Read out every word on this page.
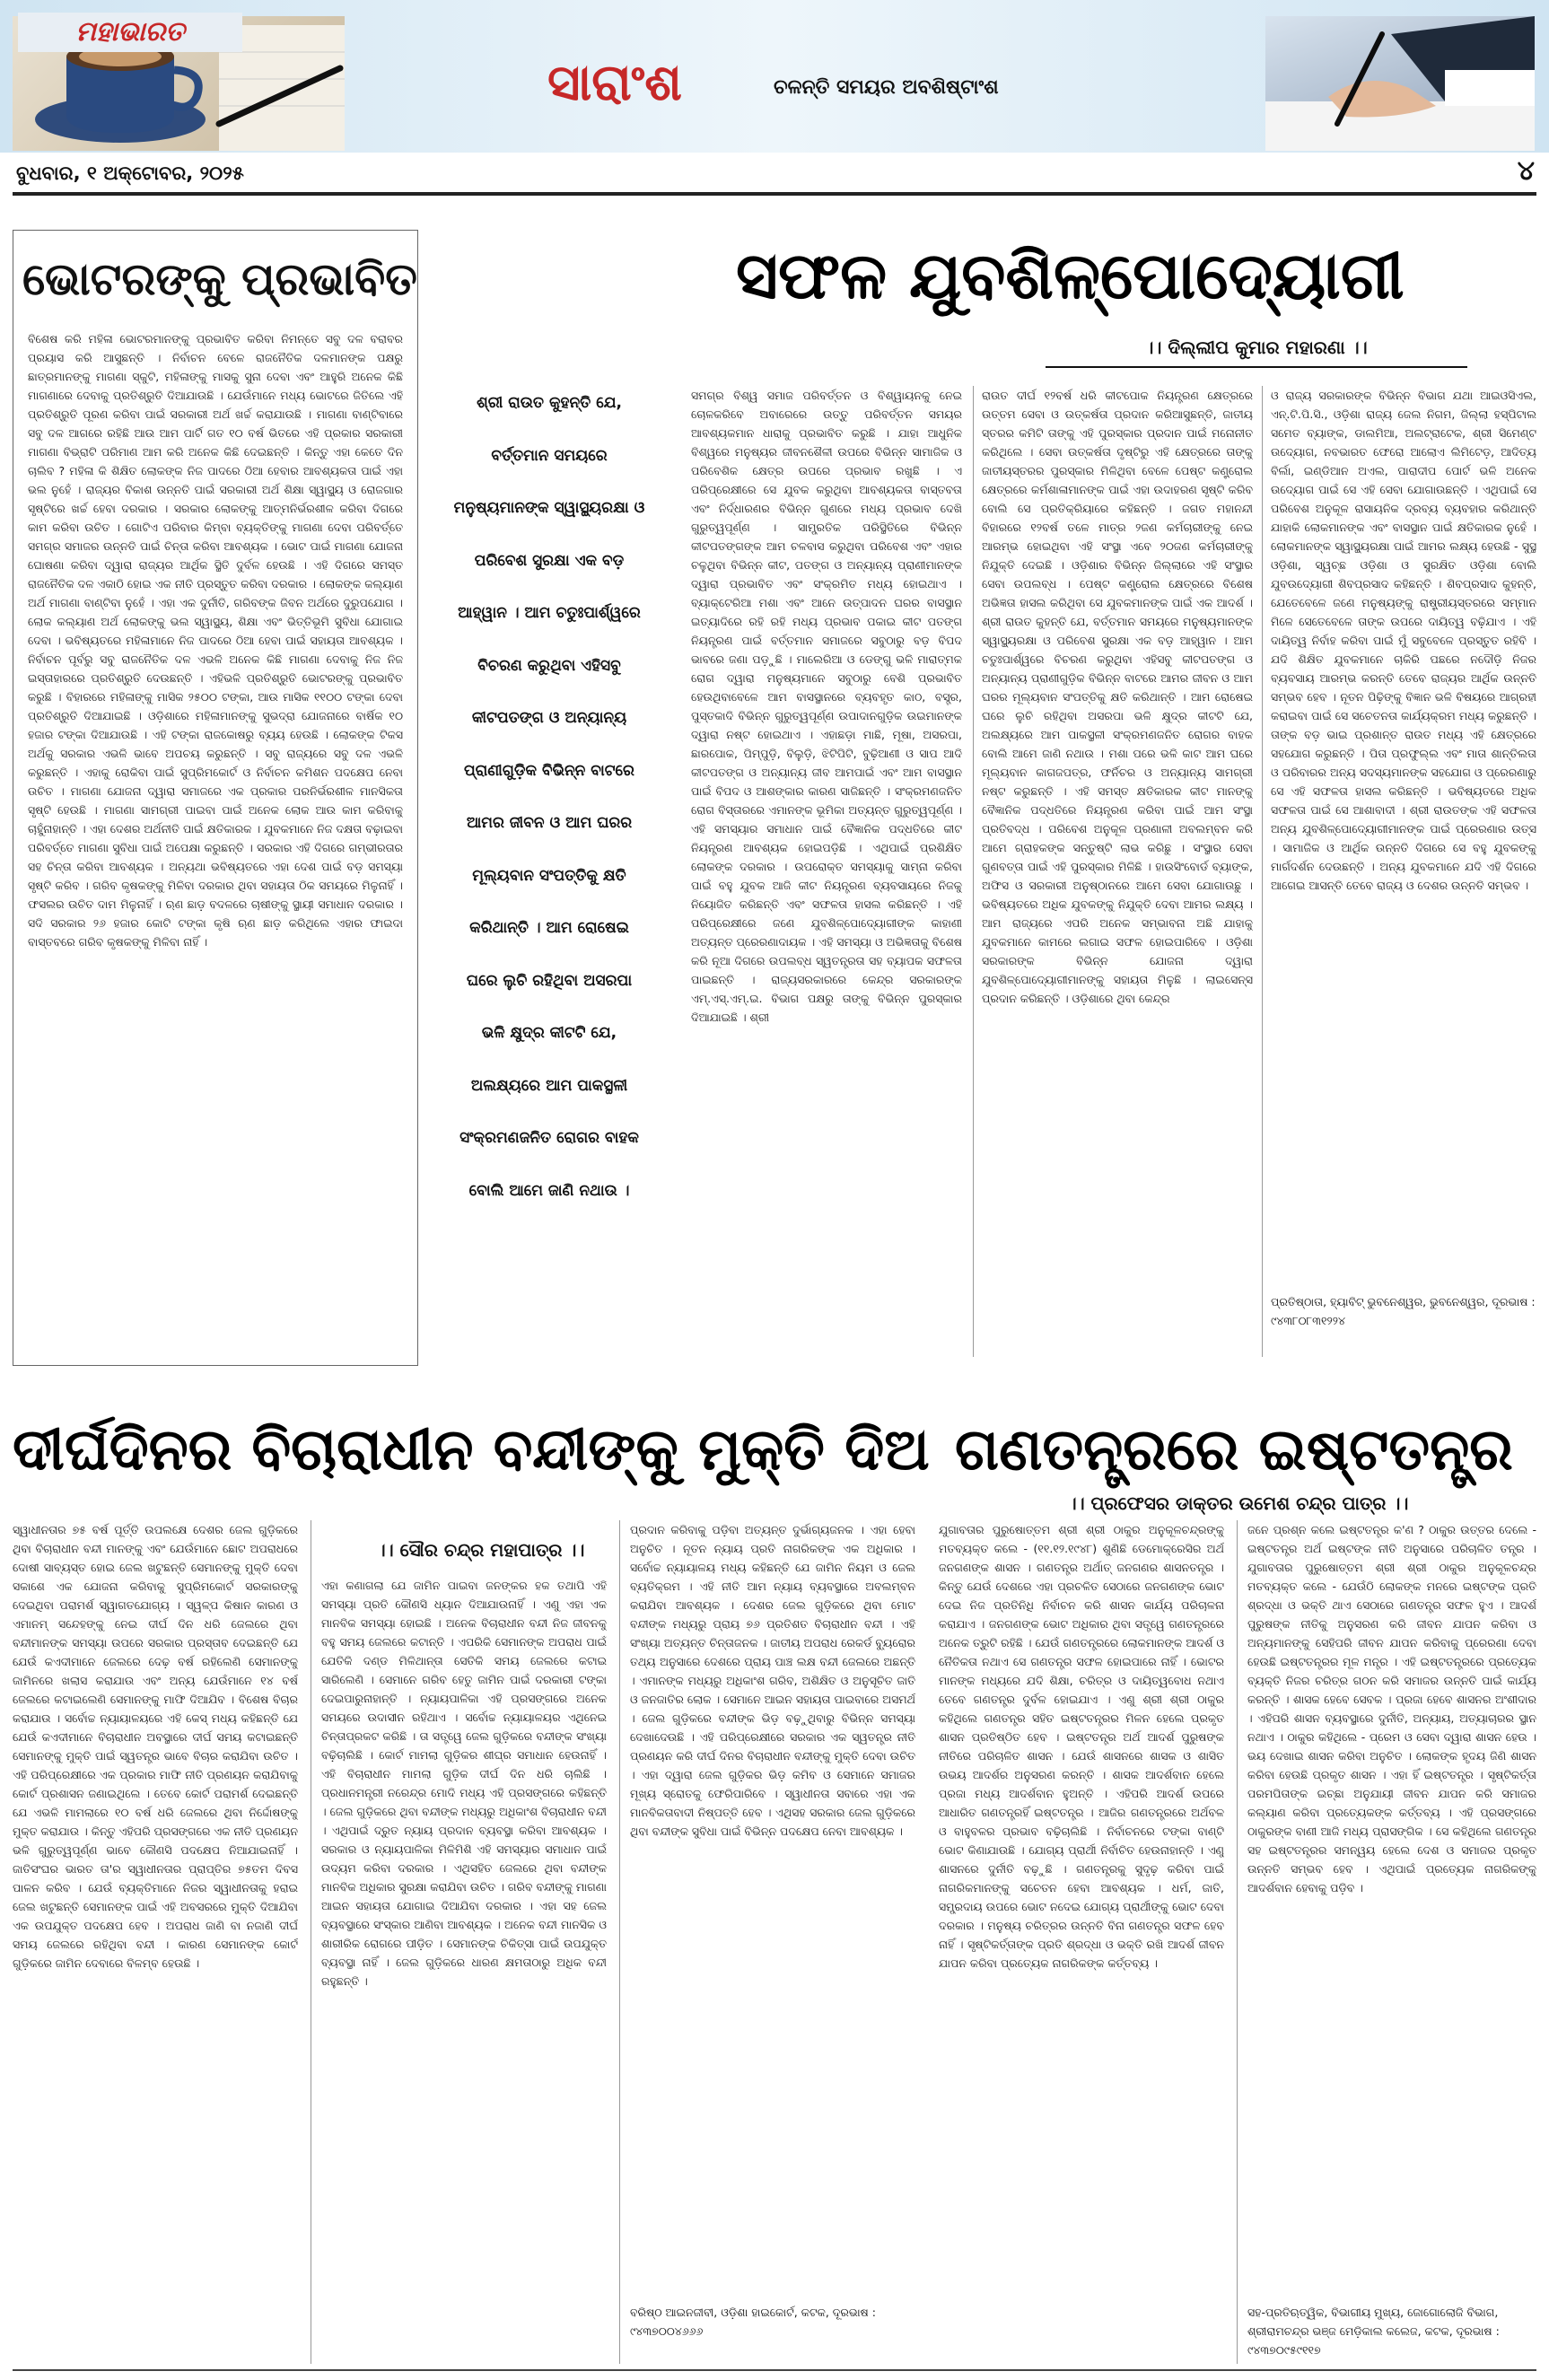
ମହାଭାରତ
ସାରାଂଶ	ଚଳନ୍ତି ସମୟର ଅବଶିଷ୍ଟାଂଶ
ବୁଧବାର, ୧ ଅକ୍ଟୋବର, ୨୦୨୫	୪
ଭୋଟରଙ୍କୁ ପ୍ରଭାବିତ
ବିଶେଷ କରି ମହିଳା ଭୋଟରମାନଙ୍କୁ ପ୍ରଭାବିତ କରିବା ନିମନ୍ତେ ସବୁ ଦଳ ବରାବର ପ୍ରୟାସ କରି ଆସୁଛନ୍ତି । ନିର୍ବାଚନ ବେଳେ ରାଜନୈତିକ ଦଳମାନଙ୍କ ପକ୍ଷରୁ ଛାତ୍ରମାନଙ୍କୁ ମାଗଣା ସ୍କୁଟି, ମହିଳାଙ୍କୁ ମାସକୁ ସୁନା ଦେବା ଏବଂ ଆହୁରି ଅନେକ କିଛି ମାଗଣାରେ ଦେବାକୁ ପ୍ରତିଶ୍ରୁତି ଦିଆଯାଉଛି । ଯେଉଁମାନେ ମଧ୍ୟ ଭୋଟରେ ଜିତିଲେ ଏହି ପ୍ରତିଶ୍ରୁତି ପୂରଣ କରିବା ପାଇଁ ସରକାରୀ ଅର୍ଥ ଖର୍ଚ୍ଚ କରାଯାଉଛି । ମାଗଣା ବାଣ୍ଟିବାରେ ସବୁ ଦଳ ଆଗରେ ରହିଛି ଆଉ ଆମ ପାର୍ଟି ଗତ ୧୦ ବର୍ଷ ଭିତରେ ଏହି ପ୍ରକାର ସରକାରୀ ମାଗଣା ବିଭ୍ରାଟି ପରିମାଣ ଆମ କରି ଅନେକ କିଛି ଦେଇଛନ୍ତି । କିନ୍ତୁ ଏହା କେତେ ଦିନ ଚାଲିବ ? ମହିଳା କି ଶିକ୍ଷିତ ଲୋକଙ୍କ ନିଜ ପାଦରେ ଠିଆ ହେବାର ଆବଶ୍ୟକତା ପାଇଁ ଏହା ଭଲ ନୁହେଁ । ରାଜ୍ୟର ବିକାଶ ଉନ୍ନତି ପାଇଁ ସରକାରୀ ଅର୍ଥ ଶିକ୍ଷା ସ୍ୱାସ୍ଥ୍ୟ ଓ ରୋଜଗାର ସୃଷ୍ଟିରେ ଖର୍ଚ୍ଚ ହେବା ଦରକାର । ସରକାର ଲୋକଙ୍କୁ ଆତ୍ମନିର୍ଭରଶୀଳ କରିବା ଦିଗରେ କାମ କରିବା ଉଚିତ । ଗୋଟିଏ ପରିବାର କିମ୍ବା ବ୍ୟକ୍ତିଙ୍କୁ ମାଗଣା ଦେବା ପରିବର୍ତ୍ତେ ସମଗ୍ର ସମାଜର ଉନ୍ନତି ପାଇଁ ଚିନ୍ତା କରିବା ଆବଶ୍ୟକ । ଭୋଟ ପାଇଁ ମାଗଣା ଯୋଜନା ଘୋଷଣା କରିବା ଦ୍ୱାରା ରାଜ୍ୟର ଆର୍ଥିକ ସ୍ଥିତି ଦୁର୍ବଳ ହେଉଛି । ଏହି ଦିଗରେ ସମସ୍ତ ରାଜନୈତିକ ଦଳ ଏକାଠି ହୋଇ ଏକ ନୀତି ପ୍ରସ୍ତୁତ କରିବା ଦରକାର । ଲୋକଙ୍କ କଲ୍ୟାଣ ଅର୍ଥ ମାଗଣା ବାଣ୍ଟିବା ନୁହେଁ । ଏହା ଏକ ଦୁର୍ନୀତି, ଗରିବଙ୍କ ଜିବନ ଅର୍ଥରେ ଦୁରୁପଯୋଗ । ଲୋକ କଲ୍ୟାଣ ଅର୍ଥ ଲୋକଙ୍କୁ ଭଲ ସ୍ୱାସ୍ଥ୍ୟ, ଶିକ୍ଷା ଏବଂ ଭିତ୍ତିଭୂମି ସୁବିଧା ଯୋଗାଇ ଦେବା । ଭବିଷ୍ୟତରେ ମହିଳାମାନେ ନିଜ ପାଦରେ ଠିଆ ହେବା ପାଇଁ ସହାୟତା ଆବଶ୍ୟକ । ନିର୍ବାଚନ ପୂର୍ବରୁ ସବୁ ରାଜନୈତିକ ଦଳ ଏଭଳି ଅନେକ କିଛି ମାଗଣା ଦେବାକୁ ନିଜ ନିଜ ଇସ୍ତାହାରରେ ପ୍ରତିଶ୍ରୁତି ଦେଉଛନ୍ତି । ଏହିଭଳି ପ୍ରତିଶ୍ରୁତି ଭୋଟରଙ୍କୁ ପ୍ରଭାବିତ କରୁଛି । ବିହାରରେ ମହିଳାଙ୍କୁ ମାସିକ ୨୫୦୦ ଟଙ୍କା, ଆଉ ମାସିକ ୧୧୦୦ ଟଙ୍କା ଦେବା ପ୍ରତିଶ୍ରୁତି ଦିଆଯାଇଛି । ଓଡ଼ିଶାରେ ମହିଳାମାନଙ୍କୁ ସୁଭଦ୍ରା ଯୋଜନାରେ ବାର୍ଷିକ ୧୦ ହଜାର ଟଙ୍କା ଦିଆଯାଉଛି । ଏହି ଟଙ୍କା ରାଜକୋଷରୁ ବ୍ୟୟ ହେଉଛି । ଲୋକଙ୍କ ଟିକସ ଅର୍ଥକୁ ସରକାର ଏଭଳି ଭାବେ ଅପଚୟ କରୁଛନ୍ତି । ସବୁ ରାଜ୍ୟରେ ସବୁ ଦଳ ଏଭଳି କରୁଛନ୍ତି । ଏହାକୁ ରୋକିବା ପାଇଁ ସୁପ୍ରିମକୋର୍ଟ ଓ ନିର୍ବାଚନ କମିଶନ ପଦକ୍ଷେପ ନେବା ଉଚିତ । ମାଗଣା ଯୋଜନା ଦ୍ୱାରା ସମାଜରେ ଏକ ପ୍ରକାର ପରନିର୍ଭରଶୀଳ ମାନସିକତା ସୃଷ୍ଟି ହେଉଛି । ମାଗଣା ସାମଗ୍ରୀ ପାଇବା ପାଇଁ ଅନେକ ଲୋକ ଆଉ କାମ କରିବାକୁ ଚାହୁଁନାହାନ୍ତି । ଏହା ଦେଶର ଅର୍ଥନୀତି ପାଇଁ କ୍ଷତିକାରକ । ଯୁବକମାନେ ନିଜ ଦକ୍ଷତା ବଢ଼ାଇବା ପରିବର୍ତ୍ତେ ମାଗଣା ସୁବିଧା ପାଇଁ ଅପେକ୍ଷା କରୁଛନ୍ତି । ସରକାର ଏହି ଦିଗରେ ଗମ୍ଭୀରତାର ସହ ଚିନ୍ତା କରିବା ଆବଶ୍ୟକ । ଅନ୍ୟଥା ଭବିଷ୍ୟତରେ ଏହା ଦେଶ ପାଇଁ ବଡ଼ ସମସ୍ୟା ସୃଷ୍ଟି କରିବ । ଗରିବ କୃଷକଙ୍କୁ ମିଳିବା ଦରକାର ଥିବା ସହାୟତା ଠିକ ସମୟରେ ମିଳୁନାହିଁ । ଫସଲର ଉଚିତ ଦାମ ମିଳୁନାହିଁ । ଋଣ ଛାଡ଼ ବଦଳରେ ଚାଷୀଙ୍କୁ ସ୍ଥାୟୀ ସମାଧାନ ଦରକାର । ସଦି ସରକାର ୨୬ ହଜାର କୋଟି ଟଙ୍କା କୃଷି ଋଣ ଛାଡ଼ କରିଥିଲେ ଏହାର ଫାଇଦା ବାସ୍ତବରେ ଗରିବ କୃଷକଙ୍କୁ ମିଳିବା ନାହିଁ ।
ସଫଳ ଯୁବଶିଳ୍ପୋଦ୍ୟୋଗୀ
।। ଦିଲ୍ଲୀପ କୁମାର ମହାରଣା ।।
ଶ୍ରୀ ରାଉତ କୁହନ୍ତି ଯେ,
ବର୍ତ୍ତମାନ ସମୟରେ
ମନୁଷ୍ୟମାନଙ୍କ ସ୍ୱାସ୍ଥ୍ୟରକ୍ଷା ଓ
ପରିବେଶ ସୁରକ୍ଷା ଏକ ବଡ଼
ଆହ୍ୱାନ । ଆମ ଚତୁଃପାର୍ଶ୍ୱରେ
ବିଚରଣ କରୁଥିବା ଏହିସବୁ
କୀଟପତଙ୍ଗ ଓ ଅନ୍ୟାନ୍ୟ
ପ୍ରାଣୀଗୁଡ଼ିକ ବିଭିନ୍ନ ବାଟରେ
ଆମର ଜୀବନ ଓ ଆମ ଘରର
ମୂଲ୍ୟବାନ ସଂପତ୍ତିକୁ କ୍ଷତି
କରିଥାନ୍ତି । ଆମ ରୋଷେଇ
ଘରେ ଲୁଚି ରହିଥିବା ଅସରପା
ଭଳି କ୍ଷୁଦ୍ର କୀଟଟି ଯେ,
ଅଲକ୍ଷ୍ୟରେ ଆମ ପାକସ୍ଥଳୀ
ସଂକ୍ରମଣଜନିତ ରୋଗର ବାହକ
ବୋଲି ଆମେ ଜାଣି ନଥାଉ ।
ସମଗ୍ର ବିଶ୍ୱ ସମାଜ ପରିବର୍ତ୍ତନ ଓ ବିଶ୍ୱାୟନକୁ ନେଇ ଚୋଳକରିବେ ଅବାରେରେ ଉତ୍ତୁ ପରିବର୍ତ୍ତନ ସମୟର ଆବଶ୍ୟକମାନ ଧାରାକୁ ପ୍ରଭାବିତ କରୁଛି । ଯାହା ଆଧୁନିକ ବିଶ୍ୱରେ ମନୁଷ୍ୟର ଜୀବନଶୈଳୀ ଉପରେ ବିଭିନ୍ନ ସାମାଜିକ ଓ ପରିବେଶିକ କ୍ଷେତ୍ର ଉପରେ ପ୍ରଭାବ ରଖୁଛି । ଏ ପରିପ୍ରେକ୍ଷୀରେ ସେ ଯୁବକ କରୁଥିବା ଆବଶ୍ୟକତା ବାସ୍ତବତା ଏବଂ ନିର୍ଦ୍ଧାରଣର ବିଭିନ୍ନ ଗୁଣରେ ମଧ୍ୟ ପ୍ରଭାବ ଦେଖି ଗୁରୁତ୍ୱପୂର୍ଣ୍ଣ । ସାମ୍ପ୍ରତିକ ପରିସ୍ଥିତିରେ ବିଭିନ୍ନ କୀଟପତଙ୍ଗଙ୍କ ଆମ ଚଳବାସ କରୁଥିବା ପରିବେଶ ଏବଂ ଏହାର ଚଳୁଥିବା ବିଭିନ୍ନ କୀଟ, ପତଙ୍ଗ ଓ ଅନ୍ୟାନ୍ୟ ପ୍ରାଣୀମାନଙ୍କ ଦ୍ୱାରା ପ୍ରଭାବିତ ଏବଂ ସଂକ୍ରମିତ ମଧ୍ୟ ହୋଇଥାଏ । ବ୍ୟାକ୍ଟେରିଆ ମଶା ଏବଂ ଆନେ ଉତ୍ପାଦନ ଘରର ବାସସ୍ଥାନ ଇତ୍ୟାଦିରେ ରହି ରହି ମଧ୍ୟ ପ୍ରଭାବ ପକାଇ କୀଟ ପତଙ୍ଗ ନିୟନ୍ତ୍ରଣ ପାଇଁ ବର୍ତ୍ତମାନ ସମାଜରେ ସବୁଠାରୁ ବଡ଼ ବିପଦ ଭାବରେ ଜଣା ପଡ଼ୁଛି । ମାଲେରିଆ ଓ ଡେଙ୍ଗୁ ଭଳି ମାରାତ୍ମକ ରୋଗ ଦ୍ୱାରା ମନୁଷ୍ୟମାନେ ସବୁଠାରୁ ବେଶି ପ୍ରଭାବିତ ହେଉଥିବାବେଳେ ଆମ ବାସସ୍ଥାନରେ ବ୍ୟବହୃତ କାଠ, ବସ୍ତ୍ର, ପୁସ୍ତକାଦି ବିଭିନ୍ନ ଗୁରୁତ୍ୱପୂର୍ଣ୍ଣ ଉପାଦାନଗୁଡ଼ିକ ଉଇମାନଙ୍କ ଦ୍ୱାରା ନଷ୍ଟ ହୋଇଥାଏ । ଏହାଛଡ଼ା ମାଛି, ମୂଷା, ଅସରପା, ଛାରପୋକ, ପିମ୍ପୁଡ଼ି, ବିଲୁଡ଼ି, ଝିଟିପିଟି, ବୁଢ଼ିଆଣୀ ଓ ସାପ ଆଦି କୀଟପତଙ୍ଗ ଓ ଅନ୍ୟାନ୍ୟ ଜୀବ ଆମପାଇଁ ଏବଂ ଆମ ବାସସ୍ଥାନ ପାଇଁ ବିପଦ ଓ ଆଶଙ୍କାର କାରଣ ସାଜିଛନ୍ତି । ସଂକ୍ରମଣଜନିତ ରୋଗ ବିସ୍ତାରରେ ଏମାନଙ୍କ ଭୂମିକା ଅତ୍ୟନ୍ତ ଗୁରୁତ୍ୱପୂର୍ଣ୍ଣ । ଏହି ସମସ୍ୟାର ସମାଧାନ ପାଇଁ ବୈଜ୍ଞାନିକ ପଦ୍ଧତିରେ କୀଟ ନିୟନ୍ତ୍ରଣ ଆବଶ୍ୟକ ହୋଇପଡ଼ିଛି । ଏଥିପାଇଁ ପ୍ରଶିକ୍ଷିତ ଲୋକଙ୍କ ଦରକାର । ଉପରୋକ୍ତ ସମସ୍ୟାକୁ ସାମ୍ନା କରିବା ପାଇଁ ବହୁ ଯୁବକ ଆଜି କୀଟ ନିୟନ୍ତ୍ରଣ ବ୍ୟବସାୟରେ ନିଜକୁ ନିୟୋଜିତ କରିଛନ୍ତି ଏବଂ ସଫଳତା ହାସଲ କରିଛନ୍ତି । ଏହି ପରିପ୍ରେକ୍ଷୀରେ ଜଣେ ଯୁବଶିଳ୍ପୋଦ୍ୟୋଗୀଙ୍କ କାହାଣୀ ଅତ୍ୟନ୍ତ ପ୍ରେରଣାଦାୟକ । ଏହି ସମସ୍ୟା ଓ ଅଭିଜ୍ଞତାକୁ ବିଶେଷ କରି ନୂଆ ଦିଗରେ ଉପଲବ୍ଧ ସ୍ୱତନ୍ତ୍ରତା ସହ ବ୍ୟାପକ ସଫଳତା ପାଇଛନ୍ତି । ରାଜ୍ୟସରକାରରେ କେନ୍ଦ୍ର ସରକାରଙ୍କ ଏମ୍‌.ଏସ୍‌.ଏମ୍‌.ଇ. ବିଭାଗ ପକ୍ଷରୁ ତାଙ୍କୁ ବିଭିନ୍ନ ପୁରସ୍କାର ଦିଆଯାଇଛି । ଶ୍ରୀ
ରାଉତ ଦୀର୍ଘ ୧୨ବର୍ଷ ଧରି କୀଟପୋକ ନିୟନ୍ତ୍ରଣ କ୍ଷେତ୍ରରେ ଉତ୍ତମ ସେବା ଓ ଉତ୍କର୍ଷତା ପ୍ରଦାନ କରିଆସୁଛନ୍ତି, ଜାତୀୟ ସ୍ତରର କମିଟି ତାଙ୍କୁ ଏହି ପୁରସ୍କାର ପ୍ରଦାନ ପାଇଁ ମନୋନୀତ କରିଥିଲେ । ସେବା ଉତ୍କର୍ଷତା ଦୃଷ୍ଟିରୁ ଏହି କ୍ଷେତ୍ରରେ ତାଙ୍କୁ ଜାତୀୟସ୍ତରର ପୁରସ୍କାର ମିଳିଥିବା ବେଳେ ପେଷ୍ଟ କଣ୍ଟ୍ରୋଲ କ୍ଷେତ୍ରରେ କର୍ମଶାଳାମାନଙ୍କ ପାଇଁ ଏହା ଉଦାହରଣ ସୃଷ୍ଟି କରିବ ବୋଲି ସେ ପ୍ରତିକ୍ରିୟାରେ କହିଛନ୍ତି । ଜଗତ ମହାନନ୍ଦୀ ବିହାରରେ ୧୨ବର୍ଷ ତଳେ ମାତ୍ର ୨ଜଣ କର୍ମଚାରୀଙ୍କୁ ନେଇ ଆରମ୍ଭ ହୋଇଥିବା ଏହି ସଂସ୍ଥା ଏବେ ୨୦ଜଣ କର୍ମଚାରୀଙ୍କୁ ନିଯୁକ୍ତି ଦେଇଛି । ଓଡ଼ିଶାର ବିଭିନ୍ନ ଜିଲ୍ଲାରେ ଏହି ସଂସ୍ଥାର ସେବା ଉପଲବ୍ଧ । ପେଷ୍ଟ କଣ୍ଟ୍ରୋଲ କ୍ଷେତ୍ରରେ ବିଶେଷ ଅଭିଜ୍ଞତା ହାସଲ କରିଥିବା ସେ ଯୁବକମାନଙ୍କ ପାଇଁ ଏକ ଆଦର୍ଶ । ଶ୍ରୀ ରାଉତ କୁହନ୍ତି ଯେ, ବର୍ତ୍ତମାନ ସମୟରେ ମନୁଷ୍ୟମାନଙ୍କ ସ୍ୱାସ୍ଥ୍ୟରକ୍ଷା ଓ ପରିବେଶ ସୁରକ୍ଷା ଏକ ବଡ଼ ଆହ୍ୱାନ । ଆମ ଚତୁଃପାର୍ଶ୍ୱରେ ବିଚରଣ କରୁଥିବା ଏହିସବୁ କୀଟପତଙ୍ଗ ଓ ଅନ୍ୟାନ୍ୟ ପ୍ରାଣୀଗୁଡ଼ିକ ବିଭିନ୍ନ ବାଟରେ ଆମର ଜୀବନ ଓ ଆମ ଘରର ମୂଲ୍ୟବାନ ସଂପତ୍ତିକୁ କ୍ଷତି କରିଥାନ୍ତି । ଆମ ରୋଷେଇ ଘରେ ଲୁଚି ରହିଥିବା ଅସରପା ଭଳି କ୍ଷୁଦ୍ର କୀଟଟି ଯେ, ଅଲକ୍ଷ୍ୟରେ ଆମ ପାକସ୍ଥଳୀ ସଂକ୍ରମଣଜନିତ ରୋଗର ବାହକ ବୋଲି ଆମେ ଜାଣି ନଥାଉ । ମଶା ପରେ ଭଳି କାଟ ଆମ ଘରେ ମୂଲ୍ୟବାନ କାଗଜପତ୍ର, ଫର୍ନିଚର ଓ ଅନ୍ୟାନ୍ୟ ସାମଗ୍ରୀ ନଷ୍ଟ କରୁଛନ୍ତି । ଏହି ସମସ୍ତ କ୍ଷତିକାରକ କୀଟ ମାନଙ୍କୁ ବୈଜ୍ଞାନିକ ପଦ୍ଧତିରେ ନିୟନ୍ତ୍ରଣ କରିବା ପାଇଁ ଆମ ସଂସ୍ଥା ପ୍ରତିବଦ୍ଧ । ପରିବେଶ ଅନୁକୂଳ ପ୍ରଣାଳୀ ଅବଲମ୍ବନ କରି ଆମେ ଗ୍ରାହକଙ୍କ ସନ୍ତୁଷ୍ଟି ଲାଭ କରିଛୁ । ସଂସ୍ଥାର ସେବା ଗୁଣବତ୍ତା ପାଇଁ ଏହି ପୁରସ୍କାର ମିଳିଛି । ହାଉସିଂବୋର୍ଡ ବ୍ୟାଙ୍କ, ଅଫିସ ଓ ସରକାରୀ ଅନୁଷ୍ଠାନରେ ଆମେ ସେବା ଯୋଗାଉଛୁ । ଭବିଷ୍ୟତରେ ଅଧିକ ଯୁବକଙ୍କୁ ନିଯୁକ୍ତି ଦେବା ଆମର ଲକ୍ଷ୍ୟ । ଆମ ରାଜ୍ୟରେ ଏପରି ଅନେକ ସମ୍ଭାବନା ଅଛି ଯାହାକୁ ଯୁବକମାନେ କାମରେ ଲଗାଇ ସଫଳ ହୋଇପାରିବେ । ଓଡ଼ିଶା ସରକାରଙ୍କ ବିଭିନ୍ନ ଯୋଜନା ଦ୍ୱାରା ଯୁବଶିଳ୍ପୋଦ୍ୟୋଗୀମାନଙ୍କୁ ସହାୟତା ମିଳୁଛି । ଲାଇସେନ୍ସ ପ୍ରଦାନ କରିଛନ୍ତି । ଓଡ଼ିଶାରେ ଥିବା କେନ୍ଦ୍ର
ଓ ରାଜ୍ୟ ସରକାରଙ୍କ ବିଭିନ୍ନ ବିଭାଗ ଯଥା ଆଇଓସିଏଲ, ଏନ୍‌.ଟି.ପି.ସି., ଓଡ଼ିଶା ରାଜ୍ୟ ଜେଲ ନିଗମ, ଜିଲ୍ଲା ହସ୍ପିଟାଲ ସମେତ ବ୍ୟାଙ୍କ, ଡାଲମିଆ, ଅଲଟ୍ରାଟେକ, ଶ୍ରୀ ସିମେଣ୍ଟ ଉଦ୍ୟୋଗ, ନବଭାରତ ଫେରୋ ଆଲୋଏ ଲିମିଟେଡ଼, ଆଦିତ୍ୟ ବିର୍ଲା, ଇଣ୍ଡିଆନ ଅଏଲ, ପାରାଦୀପ ପୋର୍ଟ ଭଳି ଅନେକ ଉଦ୍ୟୋଗ ପାଇଁ ସେ ଏହି ସେବା ଯୋଗାଉଛନ୍ତି । ଏଥିପାଇଁ ସେ ପରିବେଶ ଅନୁକୂଳ ରାସାୟନିକ ଦ୍ରବ୍ୟ ବ୍ୟବହାର କରିଥାନ୍ତି ଯାହାକି ଲୋକମାନଙ୍କ ଏବଂ ବାସସ୍ଥାନ ପାଇଁ କ୍ଷତିକାରକ ନୁହେଁ । ଲୋକମାନଙ୍କ ସ୍ୱାସ୍ଥ୍ୟରକ୍ଷା ପାଇଁ ଆମର ଲକ୍ଷ୍ୟ ହେଉଛି - ସୁସ୍ଥ ଓଡ଼ିଶା, ସ୍ୱଚ୍ଛ ଓଡ଼ିଶା ଓ ସୁରକ୍ଷିତ ଓଡ଼ିଶା ବୋଲି ଯୁବଉଦ୍ୟୋଗୀ ଶିବପ୍ରସାଦ କହିଛନ୍ତି । ଶିବପ୍ରସାଦ କୁହନ୍ତି, ଯେତେବେଳେ ଜଣେ ମନୁଷ୍ୟଙ୍କୁ ରାଷ୍ଟ୍ରୀୟସ୍ତରରେ ସମ୍ମାନ ମିଳେ ସେତେବେଳେ ତାଙ୍କ ଉପରେ ଦାୟିତ୍ୱ ବଢ଼ିଯାଏ । ଏହି ଦାୟିତ୍ୱ ନିର୍ବାହ କରିବା ପାଇଁ ମୁଁ ସବୁବେଳେ ପ୍ରସ୍ତୁତ ରହିବି । ଯଦି ଶିକ୍ଷିତ ଯୁବକମାନେ ଚାକିରି ପଛରେ ନଦୌଡ଼ି ନିଜର ବ୍ୟବସାୟ ଆରମ୍ଭ କରନ୍ତି ତେବେ ରାଜ୍ୟର ଆର୍ଥିକ ଉନ୍ନତି ସମ୍ଭବ ହେବ । ନୂତନ ପିଢ଼ିଙ୍କୁ ବିଜ୍ଞାନ ଭଳି ବିଷୟରେ ଆଗ୍ରହୀ କରାଇବା ପାଇଁ ସେ ସଚେତନତା କାର୍ଯ୍ୟକ୍ରମ ମଧ୍ୟ କରୁଛନ୍ତି । ତାଙ୍କ ବଡ଼ ଭାଇ ପ୍ରଶାନ୍ତ ରାଉତ ମଧ୍ୟ ଏହି କ୍ଷେତ୍ରରେ ସହଯୋଗ କରୁଛନ୍ତି । ପିତା ପ୍ରଫୁଲ୍ଲ ଏବଂ ମାତା ଶାନ୍ତିଲତା ଓ ପରିବାରର ଅନ୍ୟ ସଦସ୍ୟମାନଙ୍କ ସହଯୋଗ ଓ ପ୍ରେରଣାରୁ ସେ ଏହି ସଫଳତା ହାସଲ କରିଛନ୍ତି । ଭବିଷ୍ୟତରେ ଅଧିକ ସଫଳତା ପାଇଁ ସେ ଆଶାବାଦୀ । ଶ୍ରୀ ରାଉତଙ୍କ ଏହି ସଫଳତା ଅନ୍ୟ ଯୁବଶିଳ୍ପୋଦ୍ୟୋଗୀମାନଙ୍କ ପାଇଁ ପ୍ରେରଣାର ଉତ୍ସ । ସାମାଜିକ ଓ ଆର୍ଥିକ ଉନ୍ନତି ଦିଗରେ ସେ ବହୁ ଯୁବକଙ୍କୁ ମାର୍ଗଦର୍ଶନ ଦେଉଛନ୍ତି । ଅନ୍ୟ ଯୁବକମାନେ ଯଦି ଏହି ଦିଗରେ ଆଗେଇ ଆସନ୍ତି ତେବେ ରାଜ୍ୟ ଓ ଦେଶର ଉନ୍ନତି ସମ୍ଭବ ।
ପ୍ରତିଷ୍ଠାତା, ହ୍ୟାବିଟ୍ ଭୁବନେଶ୍ୱର, ଭୁବନେଶ୍ୱର, ଦୂରଭାଷ : ୯୪୩୮୦୮୩୧୨୨୪
ଦୀର୍ଘଦିନର ବିଚାରାଧୀନ ବନ୍ଦୀଙ୍କୁ ମୁକ୍ତି ଦିଅ
।। ସୌର ଚନ୍ଦ୍ର ମହାପାତ୍ର ।।
ସ୍ୱାଧୀନତାର ୭୫ ବର୍ଷ ପୂର୍ତ୍ତି ଉପଲକ୍ଷେ ଦେଶର ଜେଲ ଗୁଡ଼ିକରେ ଥିବା ବିଚାରାଧୀନ ବନ୍ଦୀ ମାନଙ୍କୁ ଏବଂ ଯେଉଁମାନେ ଛୋଟ ଅପରାଧରେ ଦୋଷୀ ସାବ୍ୟସ୍ତ ହୋଇ ଜେଲ ଖଟୁଛନ୍ତି ସେମାନଙ୍କୁ ମୁକ୍ତି ଦେବା ସକାଶେ ଏକ ଯୋଜନା କରିବାକୁ ସୁପ୍ରିମକୋର୍ଟ ସରକାରଙ୍କୁ ଦେଇଥିବା ପରାମର୍ଶ ସ୍ୱାଗତଯୋଗ୍ୟ । ସ୍ୱଳ୍ପ କିଷାନ କାରଣ ଓ ଏମାନମ୍ ସନ୍ଦେହଙ୍କୁ ନେଇ ଦୀର୍ଘ ଦିନ ଧରି ଜେଲରେ ଥିବା ବନ୍ଦୀମାନଙ୍କ ସମସ୍ୟା ଉପରେ ସରକାର ପ୍ରସ୍ତାବ ଦେଇଛନ୍ତି ଯେ ଯେଉଁ କଏଦୀମାନେ ଜେଲରେ ଦେଢ଼ ବର୍ଷ ରହିଲେଣି ସେମାନଙ୍କୁ ଜାମିନରେ ଖଲାସ କରାଯାଉ ଏବଂ ଅନ୍ୟ ଯେଉଁମାନେ ୧୪ ବର୍ଷ ଜେଲରେ କଟାଇଲେଣି ସେମାନଙ୍କୁ ମାଫି ଦିଆଯିବ । ବିଶେଷ ବିଚାର କରାଯାଉ । ସର୍ବୋଚ୍ଚ ନ୍ୟାୟାଳୟରେ ଏହି କେସ୍ ମଧ୍ୟ କହିଛନ୍ତି ଯେ ଯେଉଁ କଏଦୀମାନେ ବିଚାରାଧୀନ ଅବସ୍ଥାରେ ଦୀର୍ଘ ସମୟ କଟାଇଛନ୍ତି ସେମାନଙ୍କୁ ମୁକ୍ତି ପାଇଁ ସ୍ୱତନ୍ତ୍ର ଭାବେ ବିଚାର କରାଯିବା ଉଚିତ । ଏହି ପରିପ୍ରେକ୍ଷୀରେ ଏକ ପ୍ରକାର ମାଫି ନୀତି ପ୍ରଣୟନ କରାଯିବାକୁ କୋର୍ଟ ପ୍ରଶାସନ ଜଣାଇଥିଲେ । ତେବେ କୋର୍ଟ ପରାମର୍ଶ ଦେଇଛନ୍ତି ଯେ ଏଭଳି ମାମଲାରେ ୧୦ ବର୍ଷ ଧରି ଜେଲରେ ଥିବା ନିର୍ଦ୍ଦୋଷଙ୍କୁ ମୁକ୍ତ କରାଯାଉ । କିନ୍ତୁ ଏହିପରି ପ୍ରସଙ୍ଗରେ ଏକ ନୀତି ପ୍ରଣୟନ ଭଳି ଗୁରୁତ୍ୱପୂର୍ଣ୍ଣ ଭାବେ କୌଣସି ପଦକ୍ଷେପ ନିଆଯାଇନାହିଁ । ଜାତିସଂଘର ଭାରତ ତା'ର ସ୍ୱାଧୀନତାର ପ୍ରାପ୍ତିର ୭୫ତମ ଦିବସ ପାଳନ କରିବ । ଯେଉଁ ବ୍ୟକ୍ତିମାନେ ନିଜର ସ୍ୱାଧୀନତାକୁ ହରାଇ ଜେଲ ଖଟୁଛନ୍ତି ସେମାନଙ୍କ ପାଇଁ ଏହି ଅବସରରେ ମୁକ୍ତି ଦିଆଯିବା ଏକ ଉପଯୁକ୍ତ ପଦକ୍ଷେପ ହେବ । ଅପରାଧ ଜାଣି ବା ନଜାଣି ଦୀର୍ଘ ସମୟ ଜେଲରେ ରହିଥିବା ବନ୍ଦୀ । କାରଣ ସେମାନଙ୍କ କୋର୍ଟ ଗୁଡ଼ିକରେ ଜାମିନ ଦେବାରେ ବିଳମ୍ବ ହେଉଛି ।
ଏହା କଣାଗଲା ଯେ ଜାମିନ ପାଇବା ଜନଙ୍କର ହକ ତଥାପି ଏହି ସମସ୍ୟା ପ୍ରତି କୌଣସି ଧ୍ୟାନ ଦିଆଯାଉନାହିଁ । ଏଣୁ ଏହା ଏକ ମାନବିକ ସମସ୍ୟା ହୋଇଛି । ଅନେକ ବିଚାରାଧୀନ ବନ୍ଦୀ ନିଜ ଜୀବନକୁ ବହୁ ସମୟ ଜେଲରେ କଟାନ୍ତି । ଏପରିକି ସେମାନଙ୍କ ଅପରାଧ ପାଇଁ ଯେତିକି ଦଣ୍ଡ ମିଳିଥାନ୍ତା ସେତିକି ସମୟ ଜେଲରେ କଟାଇ ସାରିଲେଣି । ସେମାନେ ଗରିବ ହେତୁ ଜାମିନ ପାଇଁ ଦରକାରୀ ଟଙ୍କା ଦେଇପାରୁନାହାନ୍ତି । ନ୍ୟାୟପାଳିକା ଏହି ପ୍ରସଙ୍ଗରେ ଅନେକ ସମୟରେ ଉଦାସୀନ ରହିଥାଏ । ସର୍ବୋଚ୍ଚ ନ୍ୟାୟାଳୟର ଏଥିନେଇ ଚିନ୍ତାପ୍ରକଟ କରିଛି । ତା ସତ୍ତ୍ୱେ ଜେଲ ଗୁଡ଼ିକରେ ବନ୍ଦୀଙ୍କ ସଂଖ୍ୟା ବଢ଼ିଚାଲିଛି । କୋର୍ଟ ମାମଲା ଗୁଡ଼ିକର ଶୀଘ୍ର ସମାଧାନ ହେଉନାହିଁ । ଏହି ବିଚାରାଧୀନ ମାମଲା ଗୁଡ଼ିକ ଦୀର୍ଘ ଦିନ ଧରି ଚାଲିଛି । ପ୍ରଧାନମନ୍ତ୍ରୀ ନରେନ୍ଦ୍ର ମୋଦି ମଧ୍ୟ ଏହି ପ୍ରସଙ୍ଗରେ କହିଛନ୍ତି । ଜେଲ ଗୁଡ଼ିକରେ ଥିବା ବନ୍ଦୀଙ୍କ ମଧ୍ୟରୁ ଅଧିକାଂଶ ବିଚାରାଧୀନ ବନ୍ଦୀ । ଏଥିପାଇଁ ଦ୍ରୁତ ନ୍ୟାୟ ପ୍ରଦାନ ବ୍ୟବସ୍ଥା କରିବା ଆବଶ୍ୟକ । ସରକାର ଓ ନ୍ୟାୟପାଳିକା ମିଳିମିଶି ଏହି ସମସ୍ୟାର ସମାଧାନ ପାଇଁ ଉଦ୍ୟମ କରିବା ଦରକାର । ଏଥିସହିତ ଜେଲରେ ଥିବା ବନ୍ଦୀଙ୍କ ମାନବିକ ଅଧିକାର ସୁରକ୍ଷା କରାଯିବା ଉଚିତ । ଗରିବ ବନ୍ଦୀଙ୍କୁ ମାଗଣା ଆଇନ ସହାୟତା ଯୋଗାଇ ଦିଆଯିବା ଦରକାର । ଏହା ସହ ଜେଲ ବ୍ୟବସ୍ଥାରେ ସଂସ୍କାର ଆଣିବା ଆବଶ୍ୟକ । ଅନେକ ବନ୍ଦୀ ମାନସିକ ଓ ଶାରୀରିକ ରୋଗରେ ପୀଡ଼ିତ । ସେମାନଙ୍କ ଚିକିତ୍ସା ପାଇଁ ଉପଯୁକ୍ତ ବ୍ୟବସ୍ଥା ନାହିଁ । ଜେଲ ଗୁଡ଼ିକରେ ଧାରଣ କ୍ଷମତାଠାରୁ ଅଧିକ ବନ୍ଦୀ ରହୁଛନ୍ତି ।
ପ୍ରଦାନ କରିବାକୁ ପଡ଼ିବା ଅତ୍ୟନ୍ତ ଦୁର୍ଭାଗ୍ୟଜନକ । ଏହା ହେବା ଅନୁଚିତ । ନୂତନ ନ୍ୟାୟ ପ୍ରତି ନାଗରିକଙ୍କ ଏକ ଅଧିକାର । ସର୍ବୋଚ୍ଚ ନ୍ୟାୟାଳୟ ମଧ୍ୟ କହିଛନ୍ତି ଯେ ଜାମିନ ନିୟମ ଓ ଜେଲ ବ୍ୟତିକ୍ରମ । ଏହି ନୀତି ଆମ ନ୍ୟାୟ ବ୍ୟବସ୍ଥାରେ ଅବଲମ୍ବନ କରାଯିବା ଆବଶ୍ୟକ । ଦେଶର ଜେଲ ଗୁଡ଼ିକରେ ଥିବା ମୋଟ ବନ୍ଦୀଙ୍କ ମଧ୍ୟରୁ ପ୍ରାୟ ୭୬ ପ୍ରତିଶତ ବିଚାରାଧୀନ ବନ୍ଦୀ । ଏହି ସଂଖ୍ୟା ଅତ୍ୟନ୍ତ ଚିନ୍ତାଜନକ । ଜାତୀୟ ଅପରାଧ ରେକର୍ଡ ବ୍ୟୁରୋର ତଥ୍ୟ ଅନୁସାରେ ଦେଶରେ ପ୍ରାୟ ପାଞ୍ଚ ଲକ୍ଷ ବନ୍ଦୀ ଜେଲରେ ଅଛନ୍ତି । ଏମାନଙ୍କ ମଧ୍ୟରୁ ଅଧିକାଂଶ ଗରିବ, ଅଶିକ୍ଷିତ ଓ ଅନୁସୂଚିତ ଜାତି ଓ ଜନଜାତିର ଲୋକ । ସେମାନେ ଆଇନ ସହାୟତା ପାଇବାରେ ଅସମର୍ଥ । ଜେଲ ଗୁଡ଼ିକରେ ବନ୍ଦୀଙ୍କ ଭିଡ଼ ବଢ଼ୁଥିବାରୁ ବିଭିନ୍ନ ସମସ୍ୟା ଦେଖାଦେଉଛି । ଏହି ପରିପ୍ରେକ୍ଷୀରେ ସରକାର ଏକ ସ୍ୱତନ୍ତ୍ର ନୀତି ପ୍ରଣୟନ କରି ଦୀର୍ଘ ଦିନର ବିଚାରାଧୀନ ବନ୍ଦୀଙ୍କୁ ମୁକ୍ତି ଦେବା ଉଚିତ । ଏହା ଦ୍ୱାରା ଜେଲ ଗୁଡ଼ିକର ଭିଡ଼ କମିବ ଓ ସେମାନେ ସମାଜର ମୂଖ୍ୟ ସ୍ରୋତକୁ ଫେରିପାରିବେ । ସ୍ୱାଧୀନତା ସବାରେ ଏହା ଏକ ମାନବିକତାବାଦୀ ନିଷ୍ପତ୍ତି ହେବ । ଏଥିସହ ସରକାର ଜେଲ ଗୁଡ଼ିକରେ ଥିବା ବନ୍ଦୀଙ୍କ ସୁବିଧା ପାଇଁ ବିଭିନ୍ନ ପଦକ୍ଷେପ ନେବା ଆବଶ୍ୟକ ।
ବରିଷ୍ଠ ଆଇନଜୀବୀ, ଓଡ଼ିଶା ହାଇକୋର୍ଟ, କଟକ, ଦୂରଭାଷ : ୯୪୩୭୦୦୪୬୬୬
ଗଣତନ୍ତ୍ରରେ ଇଷ୍ଟତନ୍ତ୍ର
।। ପ୍ରଫେସର ଡାକ୍ତର ଉମେଶ ଚନ୍ଦ୍ର ପାତ୍ର ।।
ଯୁଗାବତାର ପୁରୁଷୋତ୍ତମ ଶ୍ରୀ ଶ୍ରୀ ଠାକୁର ଅନୁକୂଳଚନ୍ଦ୍ରଙ୍କୁ ମତବ୍ୟକ୍ତ କଲେ - (୧୧.୧୨.୧୯୪୮) ଶୁଣିଛି ଡେମୋକ୍ରେସିର ଅର୍ଥ ଜନଗଣଙ୍କ ଶାସନ । ଗଣତନ୍ତ୍ର ଅର୍ଥାତ୍ ଜନଗଣର ଶାସନତନ୍ତ୍ର । କିନ୍ତୁ ଯେଉଁ ଦେଶରେ ଏହା ପ୍ରଚଳିତ ସେଠାରେ ଜନଗଣଙ୍କ ଭୋଟ ଦେଇ ନିଜ ପ୍ରତିନିଧି ନିର୍ବାଚନ କରି ଶାସନ କାର୍ଯ୍ୟ ପରିଚାଳନା କରାଯାଏ । ଜନଗଣଙ୍କ ଭୋଟ ଅଧିକାର ଥିବା ସତ୍ତ୍ୱେ ଗଣତନ୍ତ୍ରରେ ଅନେକ ତ୍ରୁଟି ରହିଛି । ଯେଉଁ ଗଣତନ୍ତ୍ରରେ ଲୋକମାନଙ୍କ ଆଦର୍ଶ ଓ ନୈତିକତା ନଥାଏ ସେ ଗଣତନ୍ତ୍ର ସଫଳ ହୋଇପାରେ ନାହିଁ । ଭୋଟର ମାନଙ୍କ ମଧ୍ୟରେ ଯଦି ଶିକ୍ଷା, ଚରିତ୍ର ଓ ଦାୟିତ୍ୱବୋଧ ନଥାଏ ତେବେ ଗଣତନ୍ତ୍ର ଦୁର୍ବଳ ହୋଇଯାଏ । ଏଣୁ ଶ୍ରୀ ଶ୍ରୀ ଠାକୁର କହିଥିଲେ ଗଣତନ୍ତ୍ର ସହିତ ଇଷ୍ଟତନ୍ତ୍ରର ମିଳନ ହେଲେ ପ୍ରକୃତ ଶାସନ ପ୍ରତିଷ୍ଠିତ ହେବ । ଇଷ୍ଟତନ୍ତ୍ର ଅର୍ଥ ଆଦର୍ଶ ପୁରୁଷଙ୍କ ନୀତିରେ ପରିଚାଳିତ ଶାସନ । ଯେଉଁ ଶାସନରେ ଶାସକ ଓ ଶାସିତ ଉଭୟ ଆଦର୍ଶର ଅନୁସରଣ କରନ୍ତି । ଶାସକ ଆଦର୍ଶବାନ ହେଲେ ପ୍ରଜା ମଧ୍ୟ ଆଦର୍ଶବାନ ହୁଅନ୍ତି । ଏହିପରି ଆଦର୍ଶ ଉପରେ ଆଧାରିତ ଗଣତନ୍ତ୍ରହିଁ ଇଷ୍ଟତନ୍ତ୍ର । ଆଜିର ଗଣତନ୍ତ୍ରରେ ଅର୍ଥବଳ ଓ ବାହୁବଳର ପ୍ରଭାବ ବଢ଼ିଚାଲିଛି । ନିର୍ବାଚନରେ ଟଙ୍କା ବାଣ୍ଟି ଭୋଟ କିଣାଯାଉଛି । ଯୋଗ୍ୟ ପ୍ରାର୍ଥୀ ନିର୍ବାଚିତ ହେଉନାହାନ୍ତି । ଏଣୁ ଶାସନରେ ଦୁର୍ନୀତି ବଢ଼ୁଛି । ଗଣତନ୍ତ୍ରକୁ ସୁଦୃଢ଼ କରିବା ପାଇଁ ନାଗରିକମାନଙ୍କୁ ସଚେତନ ହେବା ଆବଶ୍ୟକ । ଧର୍ମ, ଜାତି, ସମ୍ପ୍ରଦାୟ ଉପରେ ଭୋଟ ନଦେଇ ଯୋଗ୍ୟ ପ୍ରାର୍ଥୀଙ୍କୁ ଭୋଟ ଦେବା ଦରକାର । ମନୁଷ୍ୟ ଚରିତ୍ରର ଉନ୍ନତି ବିନା ଗଣତନ୍ତ୍ର ସଫଳ ହେବ ନାହିଁ । ସୃଷ୍ଟିକର୍ତ୍ତାଙ୍କ ପ୍ରତି ଶ୍ରଦ୍ଧା ଓ ଭକ୍ତି ରଖି ଆଦର୍ଶ ଜୀବନ ଯାପନ କରିବା ପ୍ରତ୍ୟେକ ନାଗରିକଙ୍କ କର୍ତ୍ତବ୍ୟ ।
ଜନେ ପ୍ରଶ୍ନ କଲେ ଇଷ୍ଟତନ୍ତ୍ର କ'ଣ ? ଠାକୁର ଉତ୍ତର ଦେଲେ - ଇଷ୍ଟତନ୍ତ୍ର ଅର୍ଥ ଇଷ୍ଟଙ୍କ ନୀତି ଅନୁସାରେ ପରିଚାଳିତ ତନ୍ତ୍ର । ଯୁଗାବତାର ପୁରୁଷୋତ୍ତମ ଶ୍ରୀ ଶ୍ରୀ ଠାକୁର ଅନୁକୂଳଚନ୍ଦ୍ର ମତବ୍ୟକ୍ତ କଲେ - ଯେଉଁଠି ଲୋକଙ୍କ ମନରେ ଇଷ୍ଟଙ୍କ ପ୍ରତି ଶ୍ରଦ୍ଧା ଓ ଭକ୍ତି ଥାଏ ସେଠାରେ ଗଣତନ୍ତ୍ର ସଫଳ ହୁଏ । ଆଦର୍ଶ ପୁରୁଷଙ୍କ ନୀତିକୁ ଅନୁସରଣ କରି ଜୀବନ ଯାପନ କରିବା ଓ ଅନ୍ୟମାନଙ୍କୁ ସେହିପରି ଜୀବନ ଯାପନ କରିବାକୁ ପ୍ରେରଣା ଦେବା ହେଉଛି ଇଷ୍ଟତନ୍ତ୍ରର ମୂଳ ମନ୍ତ୍ର । ଏହି ଇଷ୍ଟତନ୍ତ୍ରରେ ପ୍ରତ୍ୟେକ ବ୍ୟକ୍ତି ନିଜର ଚରିତ୍ର ଗଠନ କରି ସମାଜର ଉନ୍ନତି ପାଇଁ କାର୍ଯ୍ୟ କରନ୍ତି । ଶାସକ ହେବେ ସେବକ । ପ୍ରଜା ହେବେ ଶାସନର ଅଂଶୀଦାର । ଏହିପରି ଶାସନ ବ୍ୟବସ୍ଥାରେ ଦୁର୍ନୀତି, ଅନ୍ୟାୟ, ଅତ୍ୟାଚାରର ସ୍ଥାନ ନଥାଏ । ଠାକୁର କହିଥିଲେ - ପ୍ରେମ ଓ ସେବା ଦ୍ୱାରା ଶାସନ ହେଉ । ଭୟ ଦେଖାଇ ଶାସନ କରିବା ଅନୁଚିତ । ଲୋକଙ୍କ ହୃଦୟ ଜିଣି ଶାସନ କରିବା ହେଉଛି ପ୍ରକୃତ ଶାସନ । ଏହା ହିଁ ଇଷ୍ଟତନ୍ତ୍ର । ସୃଷ୍ଟିକର୍ତ୍ତା ପରମପିତାଙ୍କ ଇଚ୍ଛା ଅନୁଯାୟୀ ଜୀବନ ଯାପନ କରି ସମାଜର କଲ୍ୟାଣ କରିବା ପ୍ରତ୍ୟେକଙ୍କ କର୍ତ୍ତବ୍ୟ । ଏହି ପ୍ରସଙ୍ଗରେ ଠାକୁରଙ୍କ ବାଣୀ ଆଜି ମଧ୍ୟ ପ୍ରାସଙ୍ଗିକ । ସେ କହିଥିଲେ ଗଣତନ୍ତ୍ର ସହ ଇଷ୍ଟତନ୍ତ୍ରର ସମନ୍ୱୟ ହେଲେ ଦେଶ ଓ ସମାଜର ପ୍ରକୃତ ଉନ୍ନତି ସମ୍ଭବ ହେବ । ଏଥିପାଇଁ ପ୍ରତ୍ୟେକ ନାଗରିକଙ୍କୁ ଆଦର୍ଶବାନ ହେବାକୁ ପଡ଼ିବ ।
ସହ-ପ୍ରତିଋତ୍ୱିକ, ବିଭାଗୀୟ ମୁଖ୍ୟ, ଜୋଗୋଲୋଜି ବିଭାଗ, ଶ୍ରୀରାମଚନ୍ଦ୍ର ଭଞ୍ଜ ମେଡ଼ିକାଲ କଲେଜ, କଟକ, ଦୂରଭାଷ : ୯୪୩୭୦୯୫୯୧୧୭
